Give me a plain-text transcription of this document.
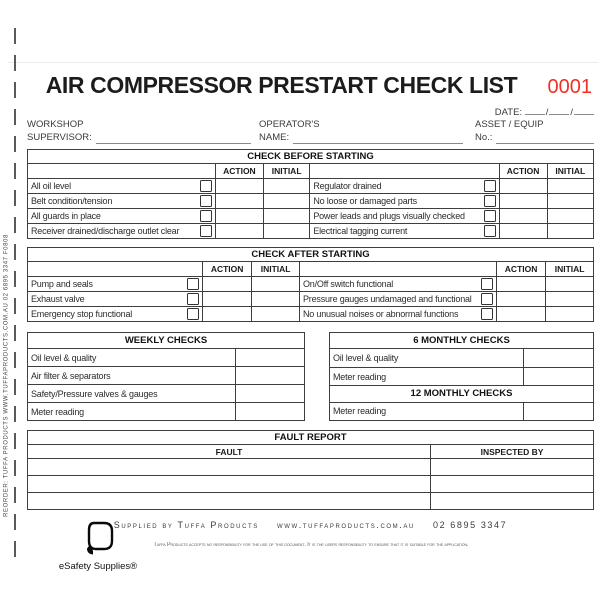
REORDER: TUFFA PRODUCTS WWW.TUFFAPRODUCTS.COM.AU 02 6895 3347 F0808
AIR COMPRESSOR PRESTART CHECK LIST	0001
DATE: / /
WORKSHOP
SUPERVISOR:
OPERATOR'S
NAME:
ASSET / EQUIP
No.:
CHECK BEFORE STARTING					
	ACTION	INITIAL		ACTION	INITIAL

All oil level			Regulator drained		

Belt condition/tension			No loose or damaged parts		

All guards in place			Power leads and plugs visually checked		

Receiver drained/discharge outlet clear			Electrical tagging current		

CHECK AFTER STARTING					
	ACTION	INITIAL		ACTION	INITIAL

Pump and seals			On/Off switch functional		

Exhaust valve			Pressure gauges undamaged and functional		

Emergency stop functional			No unusual noises or abnormal functions		

WEEKLY CHECKS	
Oil level & quality	
Air filter & separators	
Safety/Pressure valves & gauges	
Meter reading	
6 MONTHLY CHECKS	
Oil level & quality	
Meter reading	
12 MONTHLY CHECKS	
Meter reading	
FAULT REPORT	
FAULT	INSPECTED BY

eSafety Supplies®
Supplied by Tuffa Products www.tuffaproducts.com.au 02 6895 3347
Tuffa Products accepts no responsibility for the use of this document. It is the users responsibility to ensure that it is suitable for the application.
